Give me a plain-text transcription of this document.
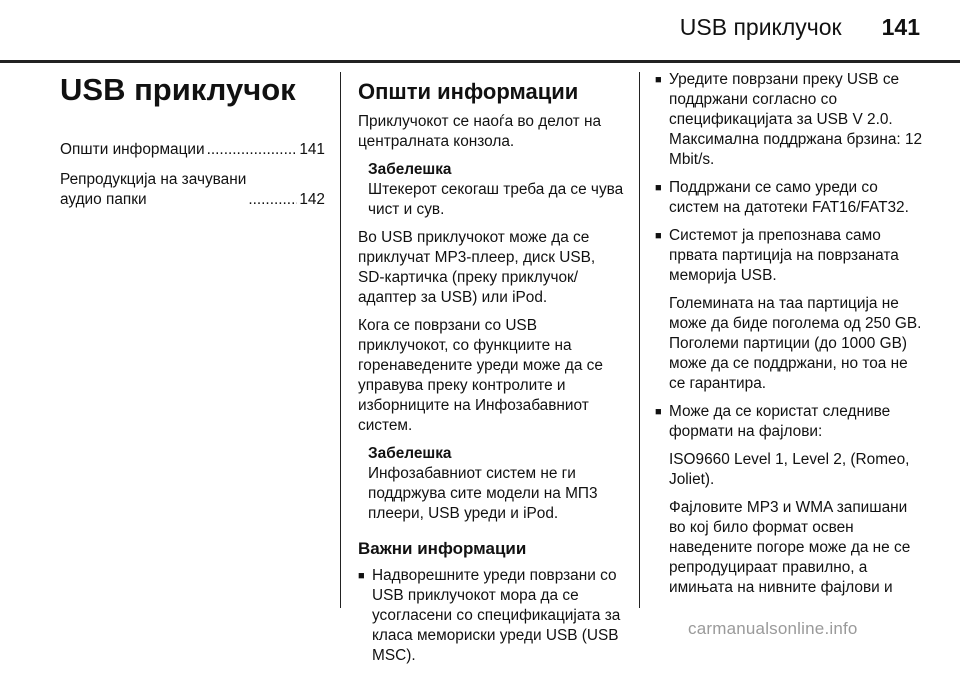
USB приклучок 141
USB приклучок
Општи информации .....	141
Репродукција на зачувани
аудио папки .....	142
Општи информации

Приклучокот се наоѓа во делот на централната конзола.

Забелешка
Штекерот секогаш треба да се чува чист и сув.

Во USB приклучокот може да се приклучат MP3-плеер, диск USB, SD-картичка (преку приклучок/адаптер за USB) или iPod.

Кога се поврзани со USB приклучокот, со функциите на горенаведените уреди може да се управува преку контролите и изборниците на Инфозабавниот систем.

Забелешка
Инфозабавниот систем не ги поддржува сите модели на МП3 плеери, USB уреди и iPod.
Важни информации
■ Надворешните уреди поврзани со USB приклучокот мора да се усогласени со спецификацијата за класа мемориски уреди USB (USB MSC).
■ Уредите поврзани преку USB се поддржани согласно со спецификацијата за USB V 2.0. Максимална поддржана брзина: 12 Mbit/s.
■ Поддржани се само уреди со систем на датотеки FAT16/FAT32.
■ Системот ја препознава само првата партиција на поврзаната меморија USB.
Големината на таа партиција не може да биде поголема од 250 GB. Поголеми партиции (до 1000 GB) може да се поддржани, но тоа не се гарантира.
■ Може да се користат следниве формати на фајлови:
ISO9660 Level 1, Level 2, (Romeo, Joliet).
Фајловите MP3 и WMA запишани во кој било формат освен наведените погоре може да не се репродуцираат правилно, а имињата на нивните фајлови и
carmanualsonline.info
